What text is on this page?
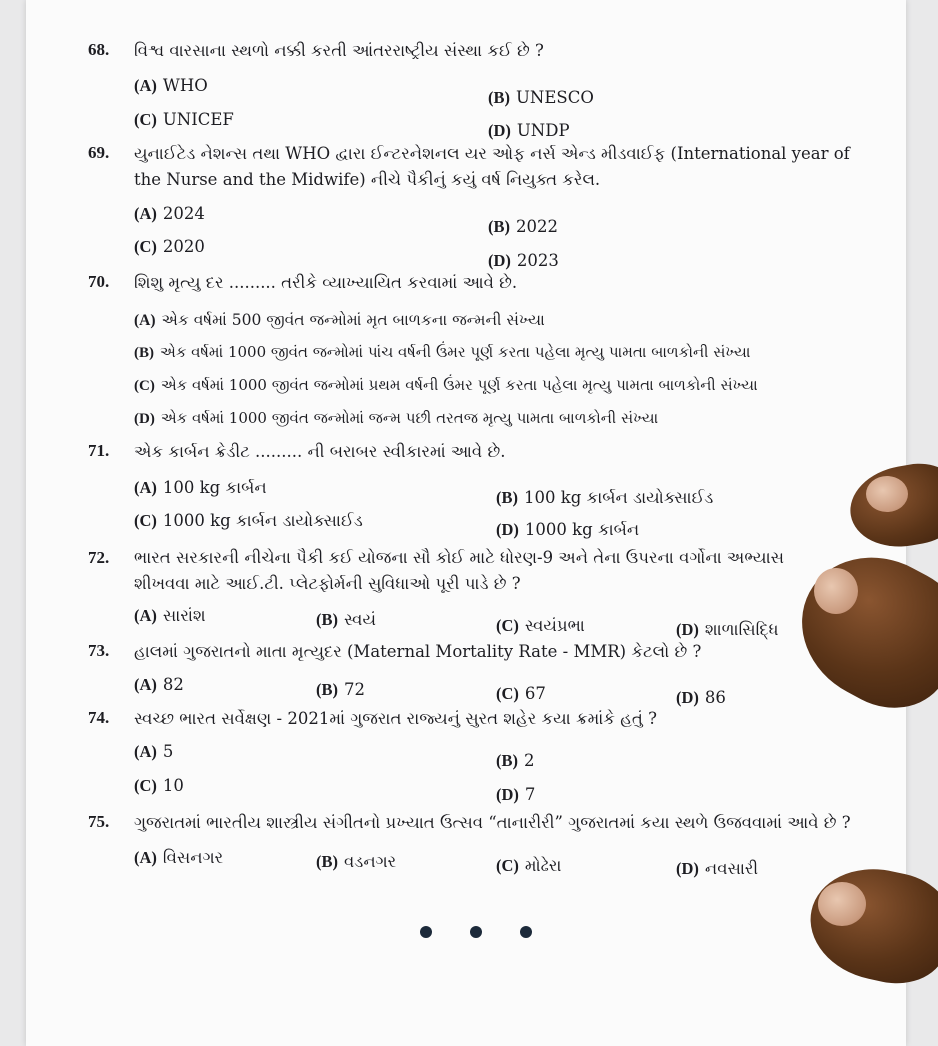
68. વિશ્વ વારસાના સ્થળો નક્કી કરતી આંતરરાષ્ટ્રીય સંસ્થા કઈ છે ?
(A) WHO
(B) UNESCO
(C) UNICEF
(D) UNDP
69. યુનાઈટેડ નેશન્સ તથા WHO દ્વારા ઈન્ટરનેશનલ યર ઓફ નર્સ એન્ડ મીડવાઈફ (International year of the Nurse and the Midwife) નીચે પૈકીનું કયું વર્ષ નિયુક્ત કરેલ.
(A) 2024
(B) 2022
(C) 2020
(D) 2023
70. શિશુ મૃત્યુ દર ......... તરીકે વ્યાખ્યાયિત કરવામાં આવે છે.
(A) એક વર્ષમાં 500 જીવંત જન્મોમાં મૃત બાળકના જન્મની સંખ્યા
(B) એક વર્ષમાં 1000 જીવંત જન્મોમાં પાંચ વર્ષની ઉંમર પૂર્ણ કરતા પહેલા મૃત્યુ પામતા બાળકોની સંખ્યા
(C) એક વર્ષમાં 1000 જીવંત જન્મોમાં પ્રથમ વર્ષની ઉંમર પૂર્ણ કરતા પહેલા મૃત્યુ પામતા બાળકોની સંખ્યા
(D) એક વર્ષમાં 1000 જીવંત જન્મોમાં જન્મ પછી તરતજ મૃત્યુ પામતા બાળકોની સંખ્યા
71. એક કાર્બન ક્રેડીટ ......... ની બરાબર સ્વીકારમાં આવે છે.
(A) 100 kg કાર્બન
(B) 100 kg કાર્બન ડાયોક્સાઈડ
(C) 1000 kg કાર્બન ડાયોક્સાઈડ	(D) 1000 kg કાર્બન
72. ભારત સરકારની નીચેના પૈકી કઈ યોજના સૌ કોઈ માટે ધોરણ-9 અને તેના ઉપરના વર્ગોના અભ્યાસ શીખવવા માટે આઈ.ટી. પ્લેટફોર્મની સુવિધાઓ પૂરી પાડે છે ?
(A) સારાંશ	(B) સ્વયં	(C) સ્વયંપ્રભા	(D) શાળાસિદ્ધિ
73. હાલમાં ગુજરાતનો માતા મૃત્યુદર (Maternal Mortality Rate - MMR) કેટલો છે ?
(A) 82	(B) 72	(C) 67	(D) 86
74. સ્વચ્છ ભારત સર્વેક્ષણ - 2021માં ગુજરાત રાજ્યનું સુરત શહેર કયા ક્રમાંકે હતું ?
(A) 5	(B) 2
(C) 10	(D) 7
75. ગુજરાતમાં ભારતીય શાસ્ત્રીય સંગીતનો પ્રખ્યાત ઉત્સવ “તાનારીરી” ગુજરાતમાં કયા સ્થળે ઉજવવામાં આવે છે ?
(A) વિસનગર	(B) વડનગર	(C) મોઢેરા	(D) નવસારી
